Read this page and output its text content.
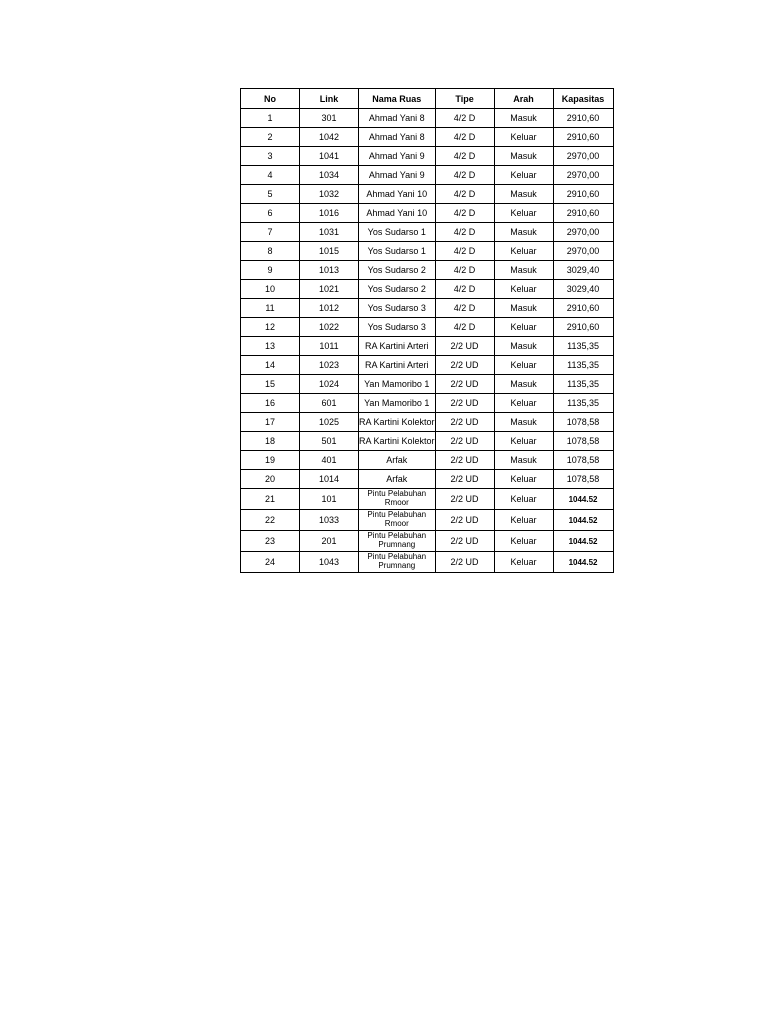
No	Link	Nama Ruas	Tipe	Arah	Kapasitas
1	301	Ahmad Yani 8	4/2 D	Masuk	2910,60
2	1042	Ahmad Yani 8	4/2 D	Keluar	2910,60
3	1041	Ahmad Yani 9	4/2 D	Masuk	2970,00
4	1034	Ahmad Yani 9	4/2 D	Keluar	2970,00
5	1032	Ahmad Yani 10	4/2 D	Masuk	2910,60
6	1016	Ahmad Yani 10	4/2 D	Keluar	2910,60
7	1031	Yos Sudarso 1	4/2 D	Masuk	2970,00
8	1015	Yos Sudarso 1	4/2 D	Keluar	2970,00
9	1013	Yos Sudarso 2	4/2 D	Masuk	3029,40
10	1021	Yos Sudarso 2	4/2 D	Keluar	3029,40
11	1012	Yos Sudarso 3	4/2 D	Masuk	2910,60
12	1022	Yos Sudarso 3	4/2 D	Keluar	2910,60
13	1011	RA Kartini Arteri	2/2 UD	Masuk	1135,35
14	1023	RA Kartini Arteri	2/2 UD	Keluar	1135,35
15	1024	Yan Mamoribo 1	2/2 UD	Masuk	1135,35
16	601	Yan Mamoribo 1	2/2 UD	Keluar	1135,35
17	1025	RA Kartini Kolektor	2/2 UD	Masuk	1078,58
18	501	RA Kartini Kolektor	2/2 UD	Keluar	1078,58
19	401	Arfak	2/2 UD	Masuk	1078,58
20	1014	Arfak	2/2 UD	Keluar	1078,58
21	101	Pintu Pelabuhan Rmoor	2/2 UD	Keluar	1044.52
22	1033	Pintu Pelabuhan Rmoor	2/2 UD	Keluar	1044.52
23	201	Pintu Pelabuhan Prumnang	2/2 UD	Keluar	1044.52
24	1043	Pintu Pelabuhan Prumnang	2/2 UD	Keluar	1044.52
